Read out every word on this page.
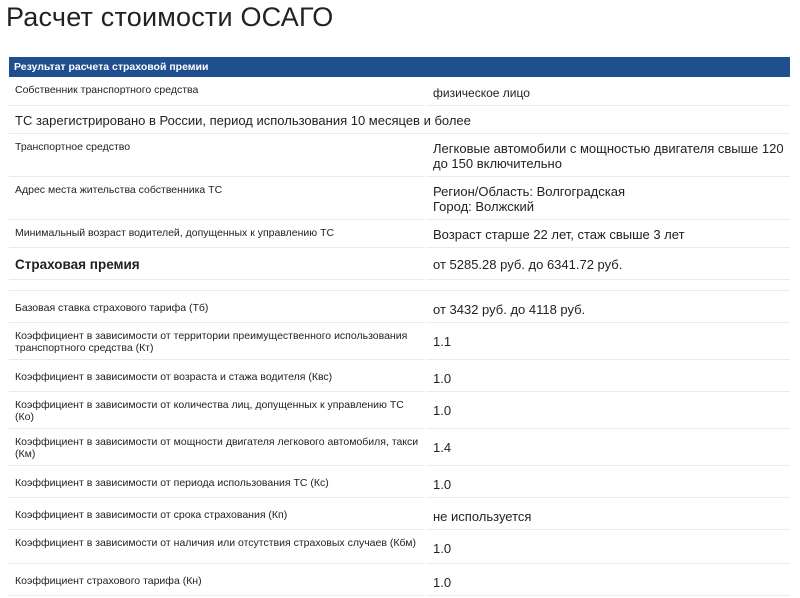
Расчет стоимости ОСАГО
Результат расчета страховой премии	
Собственник транспортного средства	физическое лицо
ТС зарегистрировано в России, период использования 10 месяцев и более	
Транспортное средство	Легковые автомобили с мощностью двигателя свыше 120 до 150 включительно
Адрес места жительства собственника ТС	Регион/Область: Волгоградская
Город: Волжский

Минимальный возраст водителей, допущенных к управлению ТС	Возраст старше 22 лет, стаж свыше 3 лет
Страховая премия	от 5285.28 руб. до 6341.72 руб.

Базовая ставка страхового тарифа (Тб)	от 3432 руб. до 4118 руб.
Коэффициент в зависимости от территории преимущественного использования транспортного средства (Кт)	1.1
Коэффициент в зависимости от возраста и стажа водителя (Квс)	1.0
Коэффициент в зависимости от количества лиц, допущенных к управлению ТС (Ко)	1.0
Коэффициент в зависимости от мощности двигателя легкового автомобиля, такси (Км)	1.4
Коэффициент в зависимости от периода использования ТС (Кс)	1.0
Коэффициент в зависимости от срока страхования (Кп)	не используется
Коэффициент в зависимости от наличия или отсутствия страховых случаев (Кбм)	1.0
Коэффициент страхового тарифа (Кн)	1.0
